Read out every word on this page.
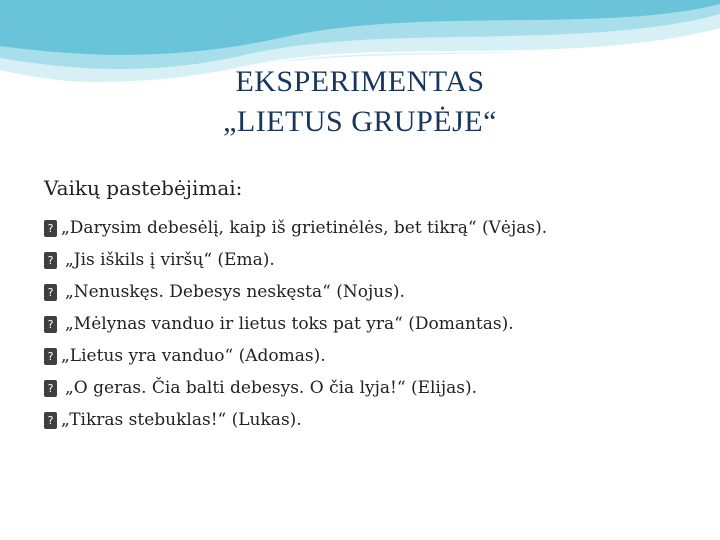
EKSPERIMENTAS
„LIETUS GRUPĖJE“
Vaikų pastebėjimai:
? „Darysim debesėlį, kaip iš grietinėlės, bet tikrą“ (Vėjas).
? „Jis iškils į viršų“ (Ema).
? „Nenuskęs. Debesys neskęsta“ (Nojus).
? „Mėlynas vanduo ir lietus toks pat yra“ (Domantas).
? „Lietus yra vanduo“ (Adomas).
? „O geras. Čia balti debesys. O čia lyja!“ (Elijas).
? „Tikras stebuklas!“ (Lukas).
